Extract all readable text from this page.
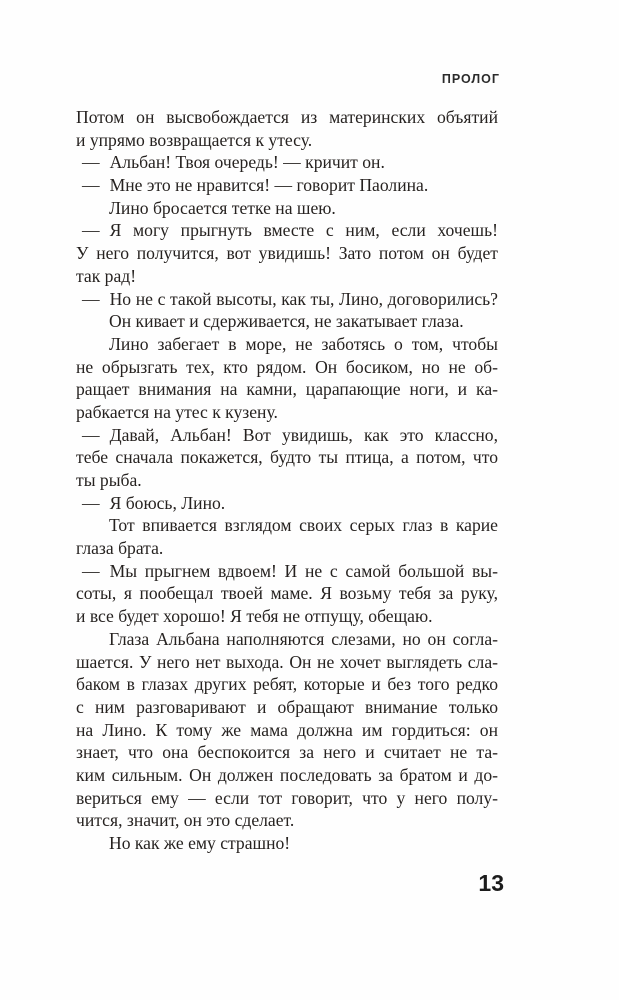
ПРОЛОГ
Потом он высвобождается из материнских объятий
и упрямо возвращается к утесу.
— Альбан! Твоя очередь! — кричит он.
— Мне это не нравится! — говорит Паолина.
Лино бросается тетке на шею.
— Я могу прыгнуть вместе с ним, если хочешь!
У него получится, вот увидишь! Зато потом он будет
так рад!
— Но не с такой высоты, как ты, Лино, договорились?
Он кивает и сдерживается, не закатывает глаза.
Лино забегает в море, не заботясь о том, чтобы
не обрызгать тех, кто рядом. Он босиком, но не об-
ращает внимания на камни, царапающие ноги, и ка-
рабкается на утес к кузену.
— Давай, Альбан! Вот увидишь, как это классно,
тебе сначала покажется, будто ты птица, а потом, что
ты рыба.
— Я боюсь, Лино.
Тот впивается взглядом своих серых глаз в карие
глаза брата.
— Мы прыгнем вдвоем! И не с самой большой вы-
соты, я пообещал твоей маме. Я возьму тебя за руку,
и все будет хорошо! Я тебя не отпущу, обещаю.
Глаза Альбана наполняются слезами, но он согла-
шается. У него нет выхода. Он не хочет выглядеть сла-
баком в глазах других ребят, которые и без того редко
с ним разговаривают и обращают внимание только
на Лино. К тому же мама должна им гордиться: он
знает, что она беспокоится за него и считает не та-
ким сильным. Он должен последовать за братом и до-
вериться ему — если тот говорит, что у него полу-
чится, значит, он это сделает.
Но как же ему страшно!
13
